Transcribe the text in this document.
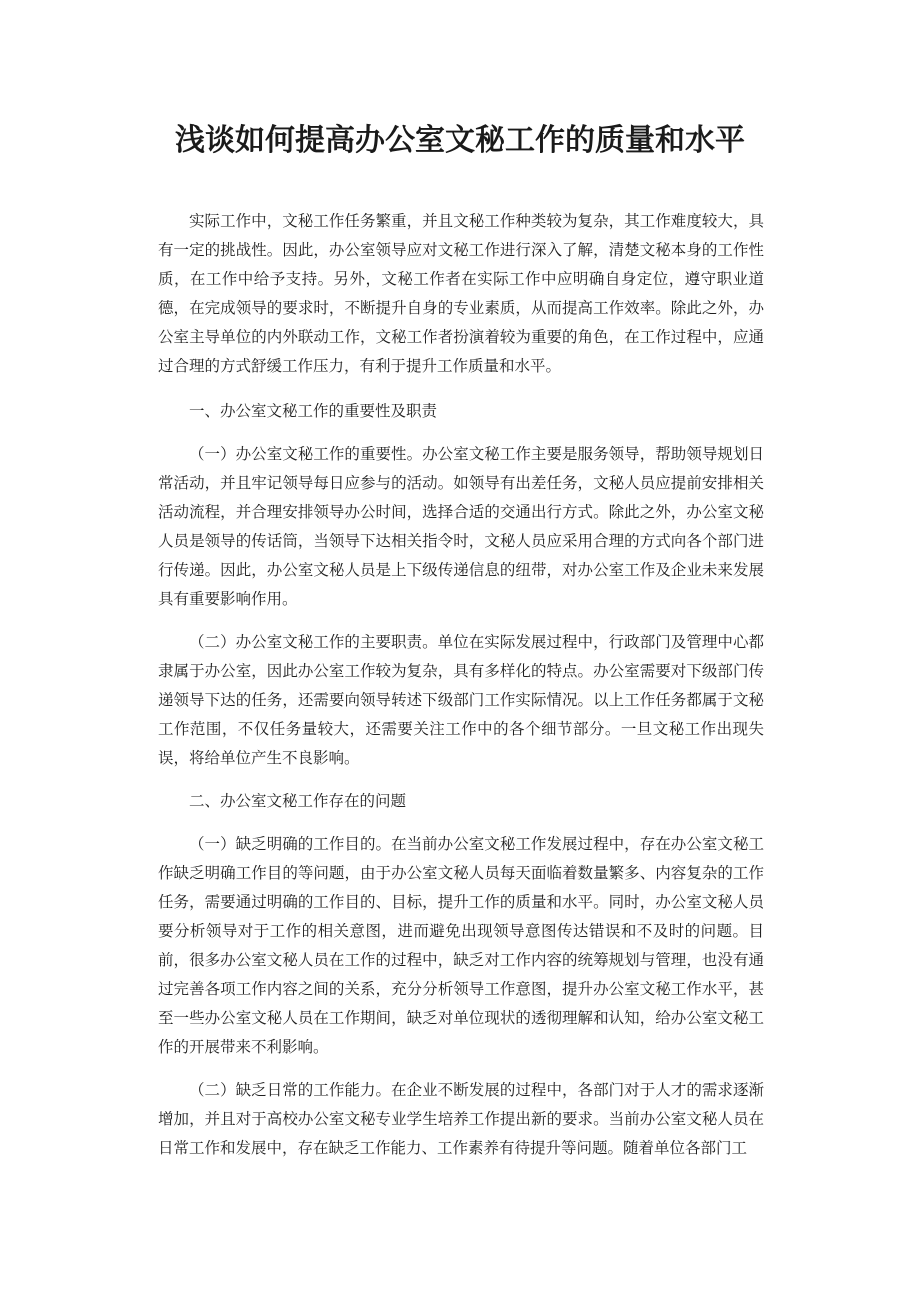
浅谈如何提高办公室文秘工作的质量和水平

实际工作中，文秘工作任务繁重，并且文秘工作种类较为复杂，其工作难度较大，具有一定的挑战性。因此，办公室领导应对文秘工作进行深入了解，清楚文秘本身的工作性质，在工作中给予支持。另外，文秘工作者在实际工作中应明确自身定位，遵守职业道德，在完成领导的要求时，不断提升自身的专业素质，从而提高工作效率。除此之外，办公室主导单位的内外联动工作，文秘工作者扮演着较为重要的角色，在工作过程中，应通过合理的方式舒缓工作压力，有利于提升工作质量和水平。

一、办公室文秘工作的重要性及职责

（一）办公室文秘工作的重要性。办公室文秘工作主要是服务领导，帮助领导规划日常活动，并且牢记领导每日应参与的活动。如领导有出差任务，文秘人员应提前安排相关活动流程，并合理安排领导办公时间，选择合适的交通出行方式。除此之外，办公室文秘人员是领导的传话筒，当领导下达相关指令时，文秘人员应采用合理的方式向各个部门进行传递。因此，办公室文秘人员是上下级传递信息的纽带，对办公室工作及企业未来发展具有重要影响作用。

（二）办公室文秘工作的主要职责。单位在实际发展过程中，行政部门及管理中心都隶属于办公室，因此办公室工作较为复杂，具有多样化的特点。办公室需要对下级部门传递领导下达的任务，还需要向领导转述下级部门工作实际情况。以上工作任务都属于文秘工作范围，不仅任务量较大，还需要关注工作中的各个细节部分。一旦文秘工作出现失误，将给单位产生不良影响。

二、办公室文秘工作存在的问题

（一）缺乏明确的工作目的。在当前办公室文秘工作发展过程中，存在办公室文秘工作缺乏明确工作目的等问题，由于办公室文秘人员每天面临着数量繁多、内容复杂的工作任务，需要通过明确的工作目的、目标，提升工作的质量和水平。同时，办公室文秘人员要分析领导对于工作的相关意图，进而避免出现领导意图传达错误和不及时的问题。目前，很多办公室文秘人员在工作的过程中，缺乏对工作内容的统筹规划与管理，也没有通过完善各项工作内容之间的关系，充分分析领导工作意图，提升办公室文秘工作水平，甚至一些办公室文秘人员在工作期间，缺乏对单位现状的透彻理解和认知，给办公室文秘工作的开展带来不利影响。

（二）缺乏日常的工作能力。在企业不断发展的过程中，各部门对于人才的需求逐渐增加，并且对于高校办公室文秘专业学生培养工作提出新的要求。当前办公室文秘人员在日常工作和发展中，存在缺乏工作能力、工作素养有待提升等问题。随着单位各部门工
